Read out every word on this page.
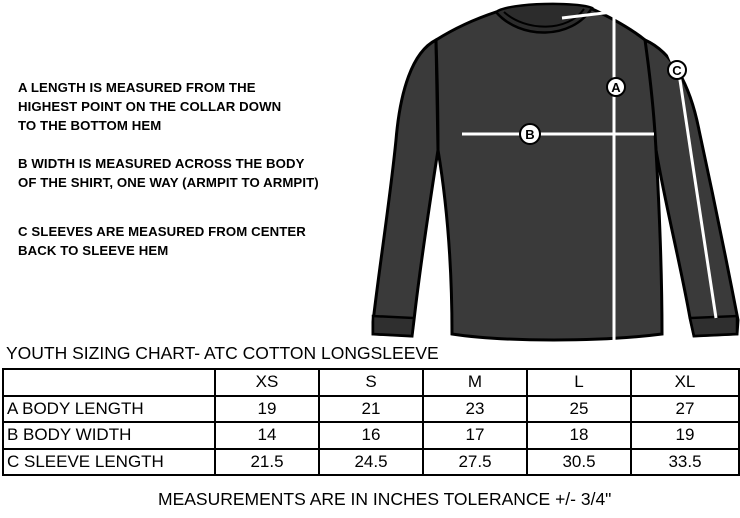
A LENGTH IS MEASURED FROM THE
HIGHEST POINT ON THE COLLAR DOWN
TO THE BOTTOM HEM
B WIDTH IS MEASURED ACROSS THE BODY
OF THE SHIRT, ONE WAY (ARMPIT TO ARMPIT)
C SLEEVES ARE MEASURED FROM CENTER
BACK TO SLEEVE HEM
A
B
C
YOUTH SIZING CHART- ATC COTTON LONGSLEEVE
	XS	S	M	L	XL
A BODY LENGTH	19	21	23	25	27
B BODY WIDTH	14	16	17	18	19
C SLEEVE LENGTH	21.5	24.5	27.5	30.5	33.5
MEASUREMENTS ARE IN INCHES TOLERANCE +/- 3/4"
